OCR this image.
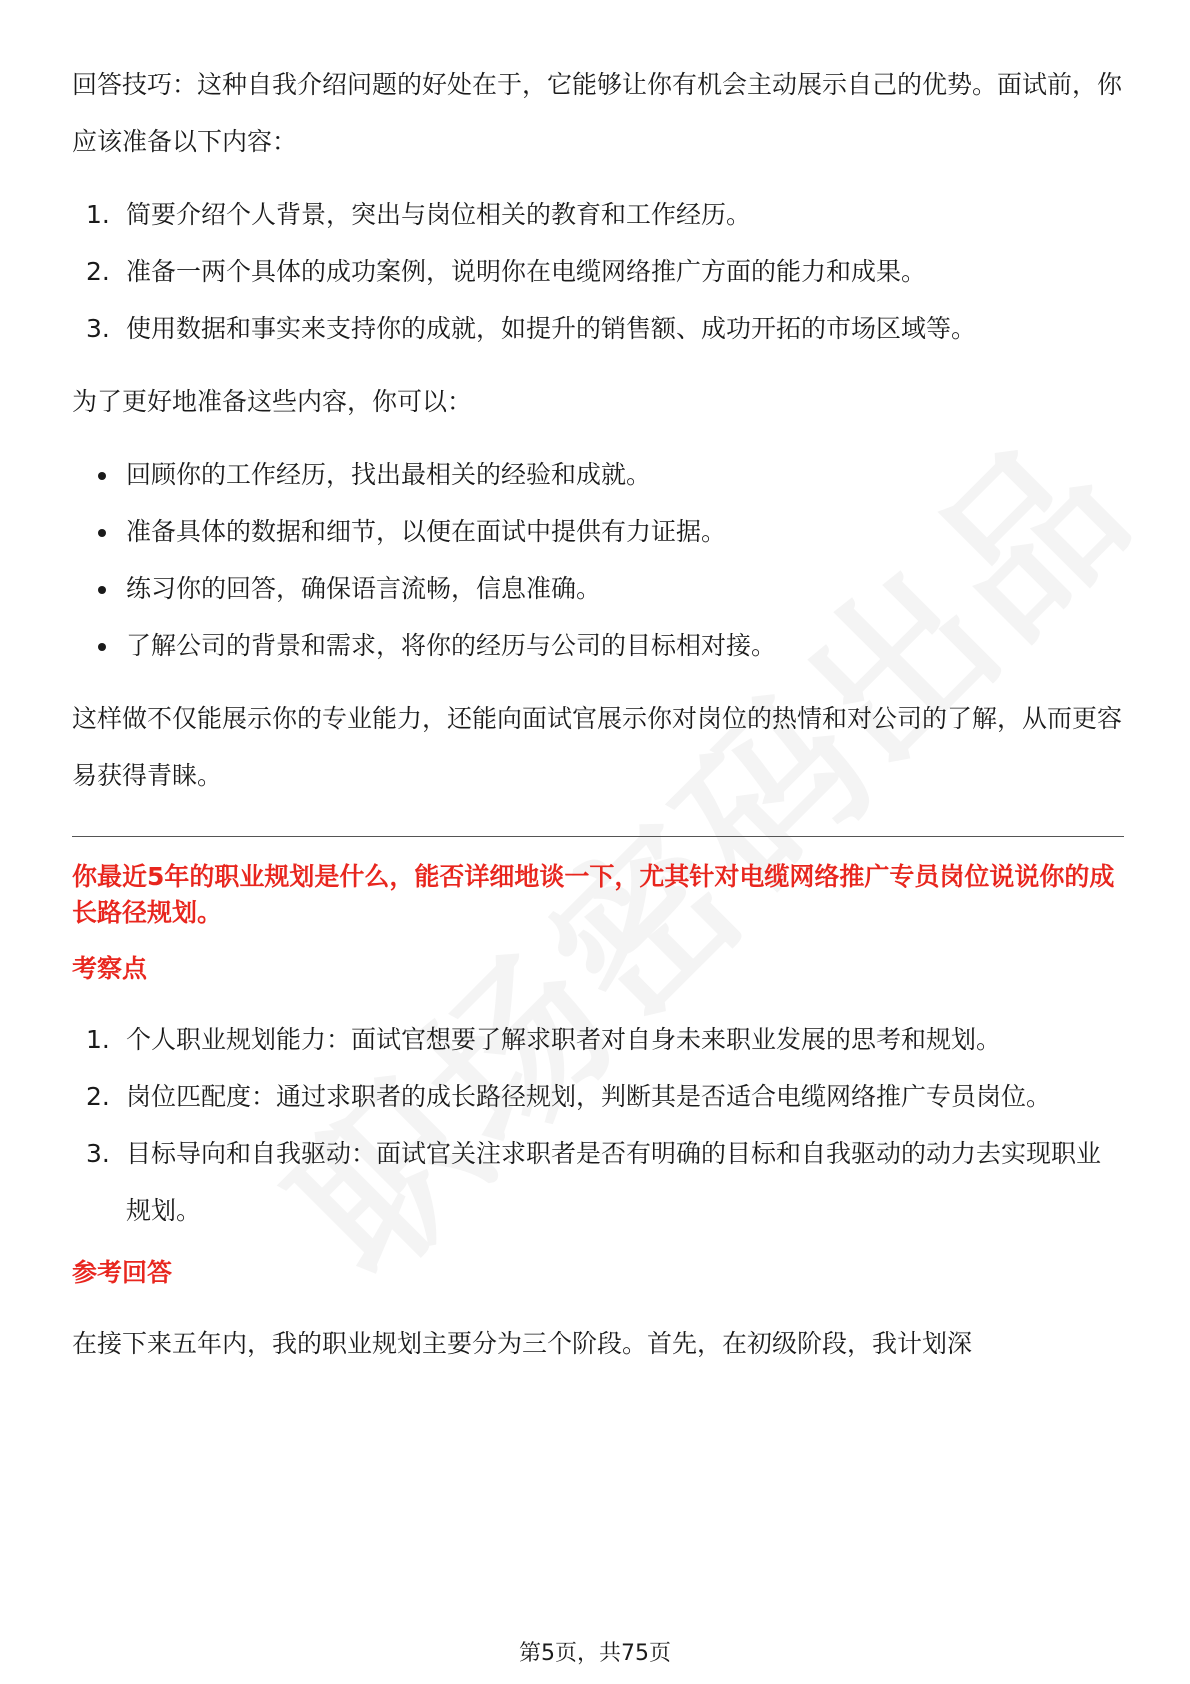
回答技巧：这种自我介绍问题的好处在于，它能够让你有机会主动展示自己的优势。面试前，你应该准备以下内容：

1. 简要介绍个人背景，突出与岗位相关的教育和工作经历。
2. 准备一两个具体的成功案例，说明你在电缆网络推广方面的能力和成果。
3. 使用数据和事实来支持你的成就，如提升的销售额、成功开拓的市场区域等。

为了更好地准备这些内容，你可以：

回顾你的工作经历，找出最相关的经验和成就。
准备具体的数据和细节，以便在面试中提供有力证据。
练习你的回答，确保语言流畅，信息准确。
了解公司的背景和需求，将你的经历与公司的目标相对接。

这样做不仅能展示你的专业能力，还能向面试官展示你对岗位的热情和对公司的了解，从而更容易获得青睐。

你最近5年的职业规划是什么，能否详细地谈一下，尤其针对电缆网络推广专员岗位说说你的成长路径规划。

考察点

1. 个人职业规划能力：面试官想要了解求职者对自身未来职业发展的思考和规划。
2. 岗位匹配度：通过求职者的成长路径规划，判断其是否适合电缆网络推广专员岗位。
3. 目标导向和自我驱动：面试官关注求职者是否有明确的目标和自我驱动的动力去实现职业规划。

参考回答

在接下来五年内，我的职业规划主要分为三个阶段。首先，在初级阶段，我计划深

第5页，共75页
